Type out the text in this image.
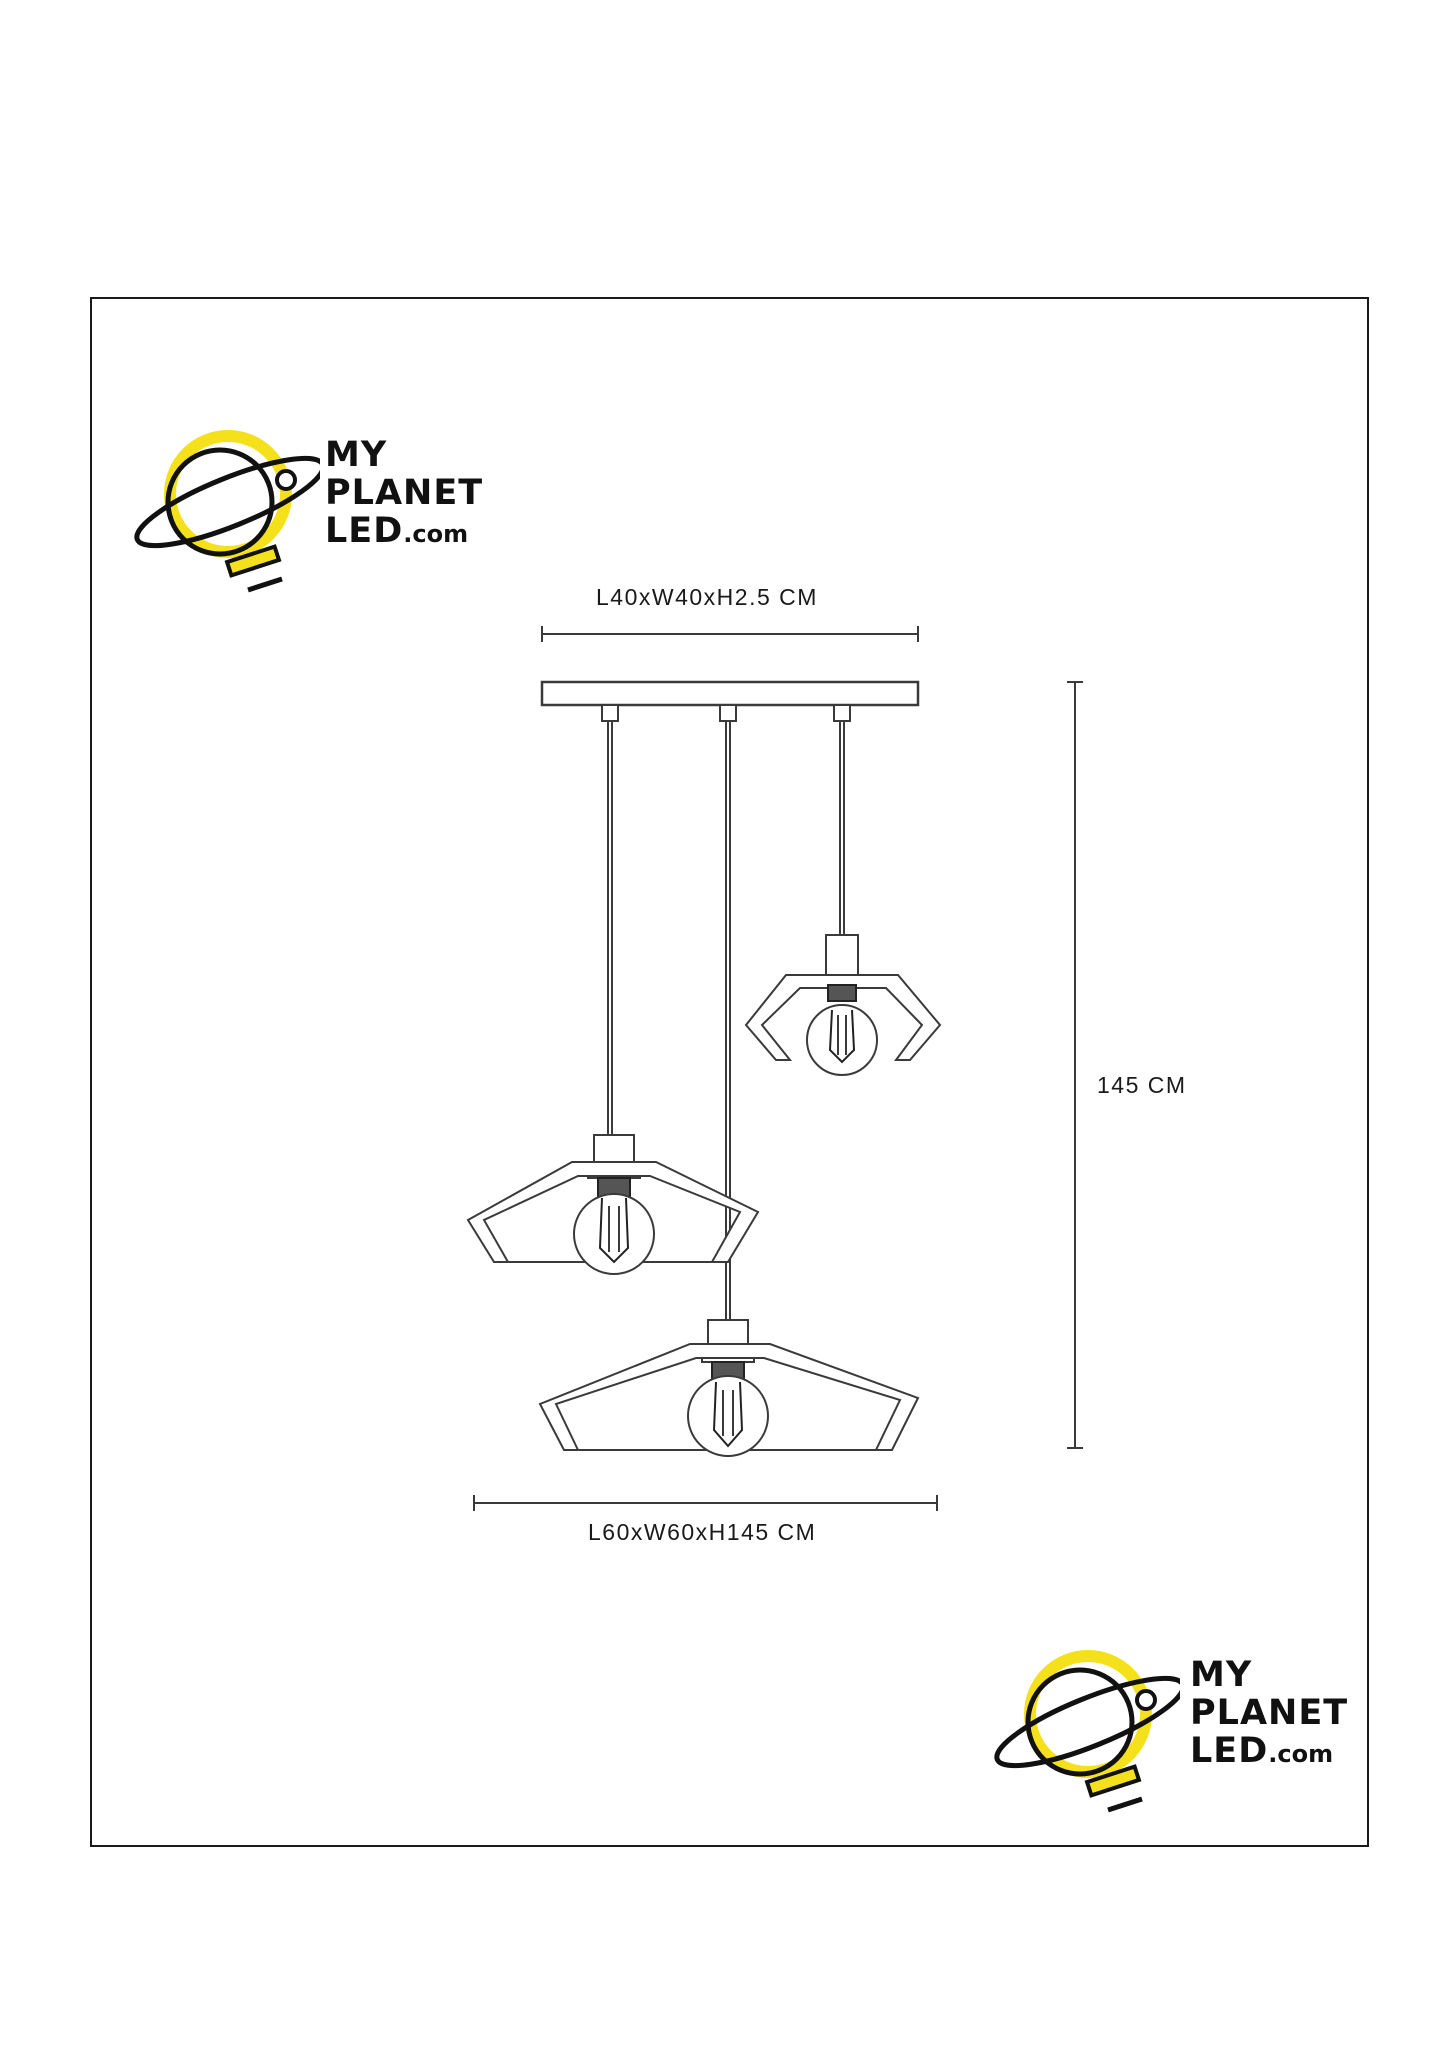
MY
PLANET
LED.com
MY
PLANET
LED.com
L40xW40xH2.5 CM
145 CM
L60xW60xH145 CM
